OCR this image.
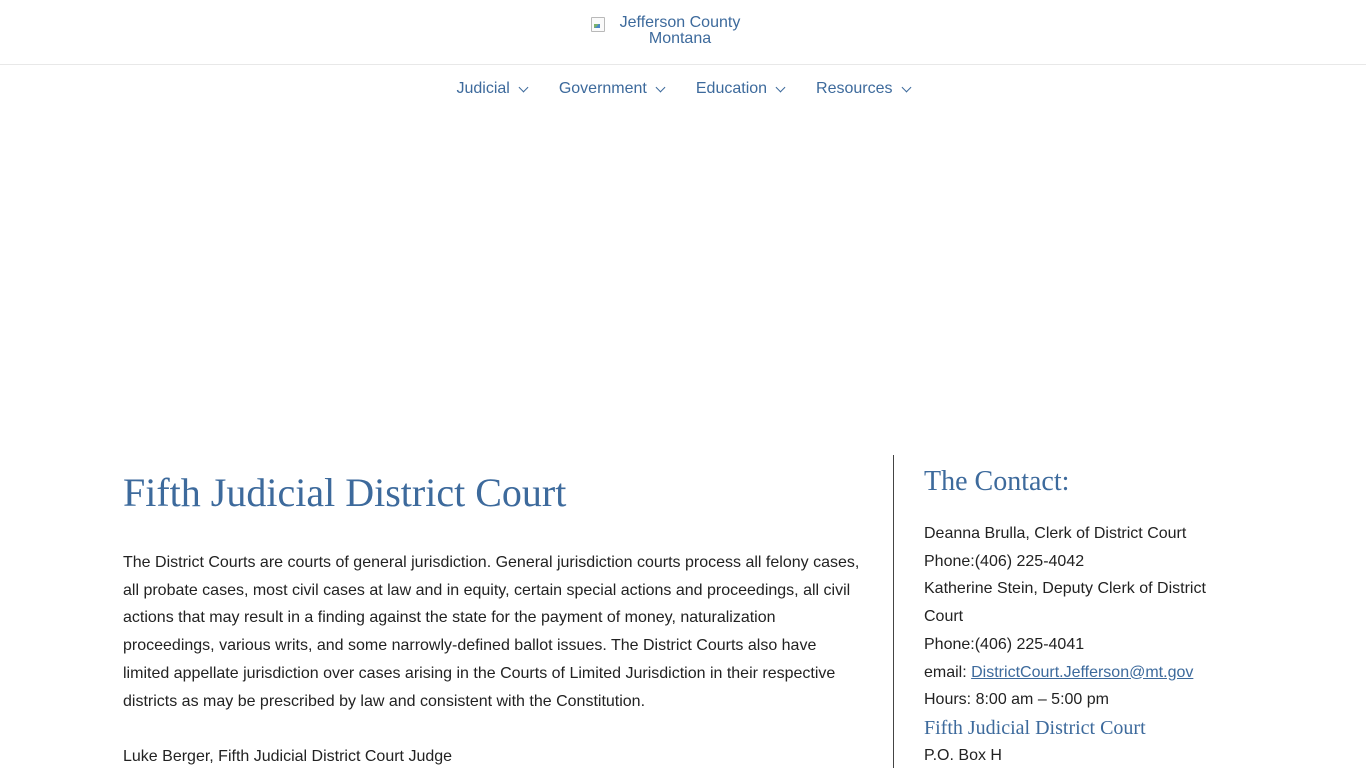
Jefferson County Montana
Judicial	Government	Education	Resources
Fifth Judicial District Court

The District Courts are courts of general jurisdiction. General jurisdiction courts process all felony cases, all probate cases, most civil cases at law and in equity, certain special actions and proceedings, all civil actions that may result in a finding against the state for the payment of money, naturalization proceedings, various writs, and some narrowly-defined ballot issues. The District Courts also have limited appellate jurisdiction over cases arising in the Courts of Limited Jurisdiction in their respective districts as may be prescribed by law and consistent with the Constitution.

Luke Berger, Fifth Judicial District Court Judge

The Contact:
Deanna Brulla, Clerk of District Court
Phone:(406) 225-4042
Katherine Stein, Deputy Clerk of District Court
Phone:(406) 225-4041
email: DistrictCourt.Jefferson@mt.gov
Hours: 8:00 am – 5:00 pm
Fifth Judicial District Court
P.O. Box H
